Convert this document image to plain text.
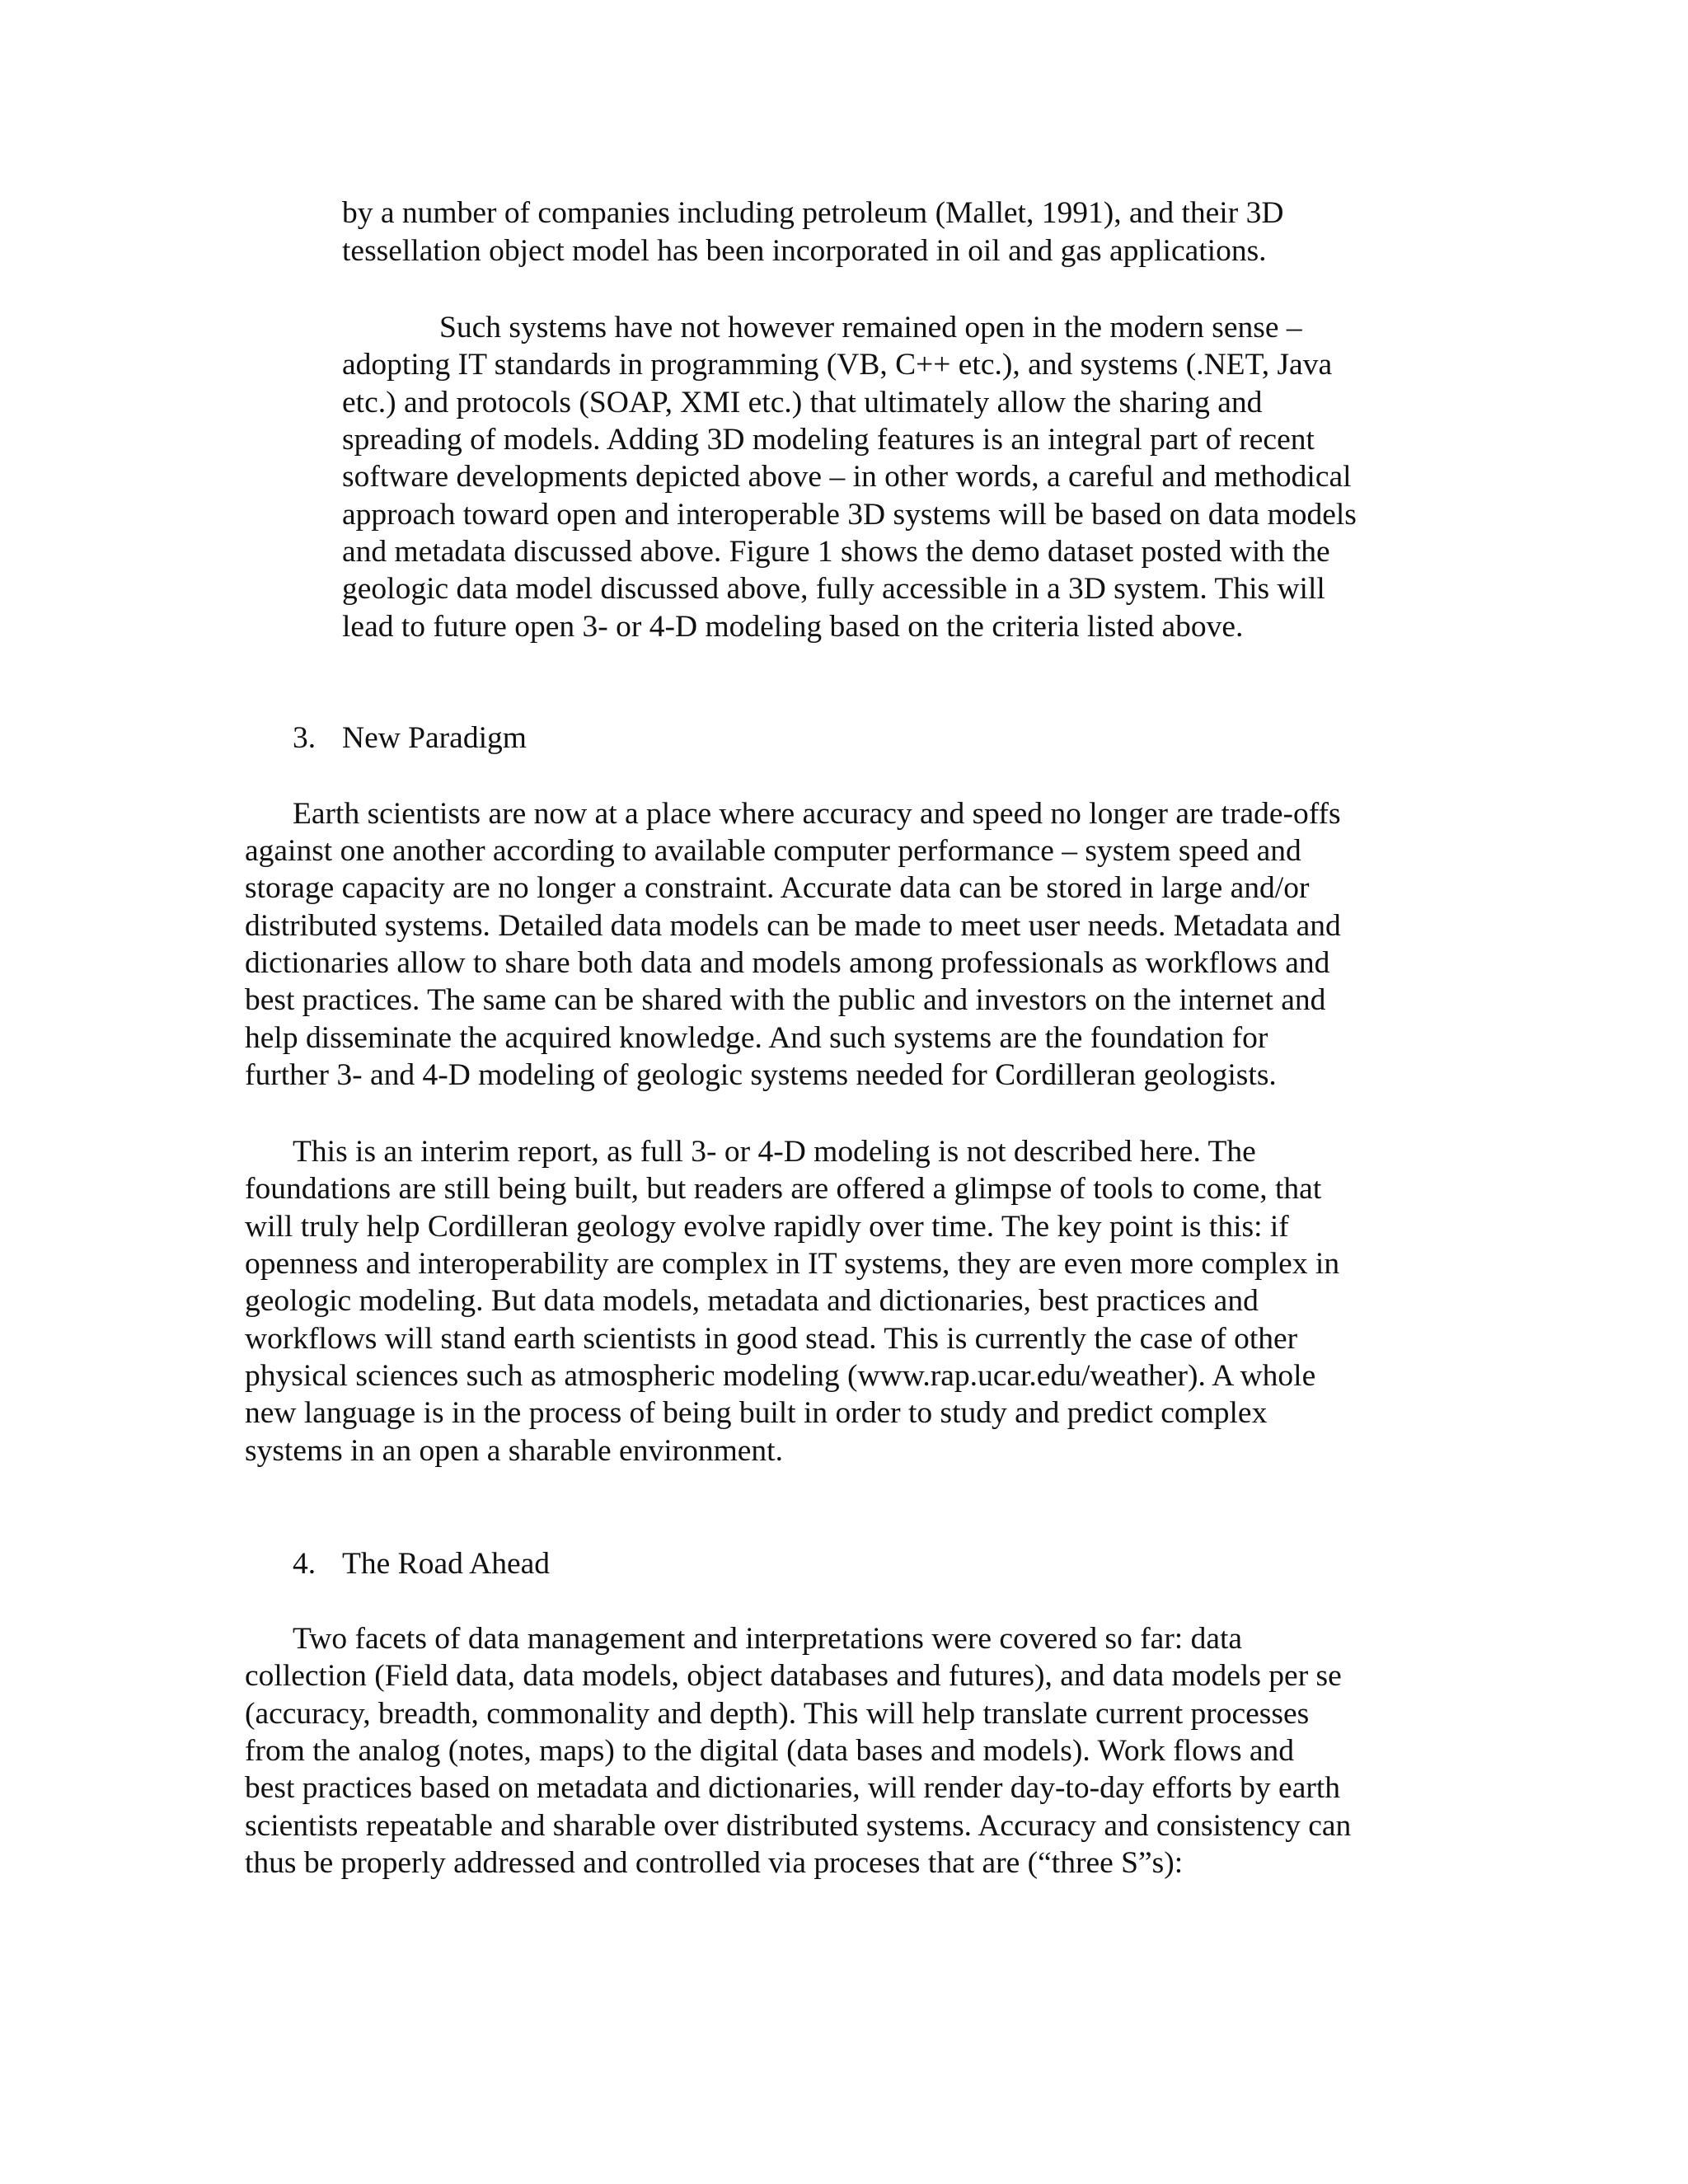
by a number of companies including petroleum (Mallet, 1991), and their 3D

tessellation object model has been incorporated in oil and gas applications.

Such systems have not however remained open in the modern sense –

adopting IT standards in programming (VB, C++ etc.), and systems (.NET, Java

etc.) and protocols (SOAP, XMI etc.) that ultimately allow the sharing and

spreading of models. Adding 3D modeling features is an integral part of recent

software developments depicted above – in other words, a careful and methodical

approach toward open and interoperable 3D systems will be based on data models

and metadata discussed above. Figure 1 shows the demo dataset posted with the

geologic data model discussed above, fully accessible in a 3D system. This will

lead to future open 3- or 4-D modeling based on the criteria listed above.

3. New Paradigm

Earth scientists are now at a place where accuracy and speed no longer are trade-offs

against one another according to available computer performance – system speed and

storage capacity are no longer a constraint. Accurate data can be stored in large and/or

distributed systems. Detailed data models can be made to meet user needs. Metadata and

dictionaries allow to share both data and models among professionals as workflows and

best practices. The same can be shared with the public and investors on the internet and

help disseminate the acquired knowledge. And such systems are the foundation for

further 3- and 4-D modeling of geologic systems needed for Cordilleran geologists.

This is an interim report, as full 3- or 4-D modeling is not described here. The

foundations are still being built, but readers are offered a glimpse of tools to come, that

will truly help Cordilleran geology evolve rapidly over time. The key point is this: if

openness and interoperability are complex in IT systems, they are even more complex in

geologic modeling. But data models, metadata and dictionaries, best practices and

workflows will stand earth scientists in good stead. This is currently the case of other

physical sciences such as atmospheric modeling (www.rap.ucar.edu/weather). A whole

new language is in the process of being built in order to study and predict complex

systems in an open a sharable environment.

4. The Road Ahead

Two facets of data management and interpretations were covered so far: data

collection (Field data, data models, object databases and futures), and data models per se

(accuracy, breadth, commonality and depth). This will help translate current processes

from the analog (notes, maps) to the digital (data bases and models). Work flows and

best practices based on metadata and dictionaries, will render day-to-day efforts by earth

scientists repeatable and sharable over distributed systems. Accuracy and consistency can

thus be properly addressed and controlled via proceses that are (“three S”s):
